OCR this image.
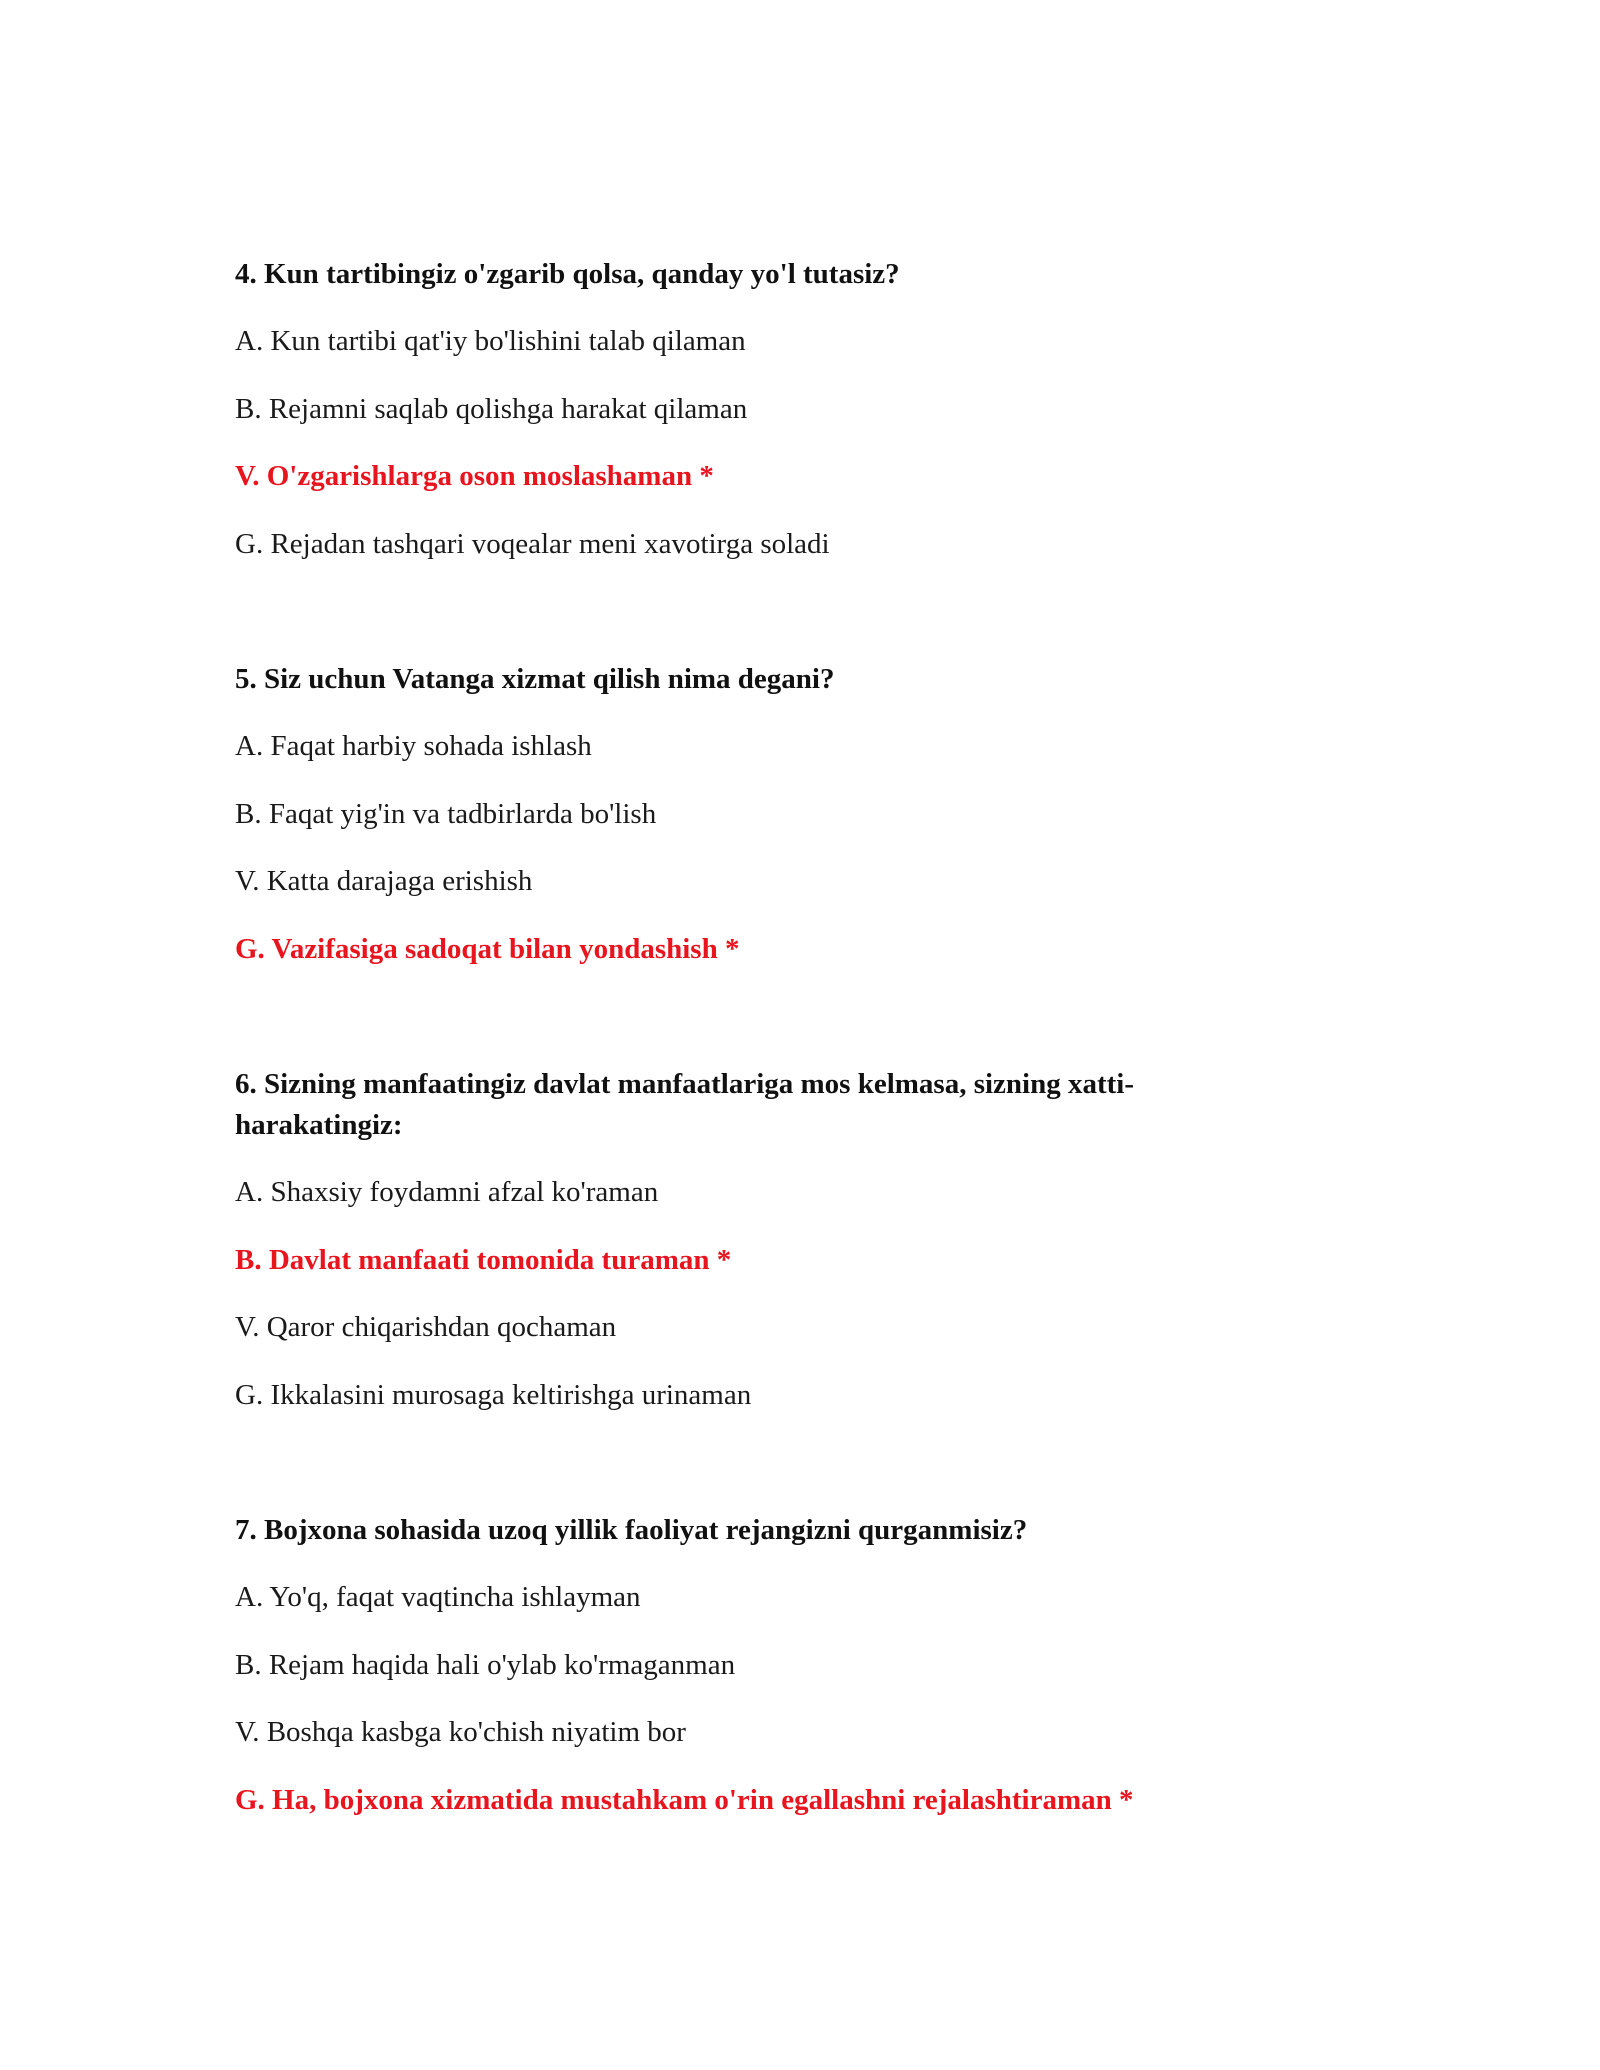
4. Kun tartibingiz o'zgarib qolsa, qanday yo'l tutasiz?

A. Kun tartibi qat'iy bo'lishini talab qilaman

B. Rejamni saqlab qolishga harakat qilaman

V. O'zgarishlarga oson moslashaman *

G. Rejadan tashqari voqealar meni xavotirga soladi

5. Siz uchun Vatanga xizmat qilish nima degani?

A. Faqat harbiy sohada ishlash

B. Faqat yig'in va tadbirlarda bo'lish

V. Katta darajaga erishish

G. Vazifasiga sadoqat bilan yondashish *

6. Sizning manfaatingiz davlat manfaatlariga mos kelmasa, sizning xatti-harakatingiz:

A. Shaxsiy foydamni afzal ko'raman

B. Davlat manfaati tomonida turaman *

V. Qaror chiqarishdan qochaman

G. Ikkalasini murosaga keltirishga urinaman

7. Bojxona sohasida uzoq yillik faoliyat rejangizni qurganmisiz?

A. Yo'q, faqat vaqtincha ishlayman

B. Rejam haqida hali o'ylab ko'rmaganman

V. Boshqa kasbga ko'chish niyatim bor

G. Ha, bojxona xizmatida mustahkam o'rin egallashni rejalashtiraman *
